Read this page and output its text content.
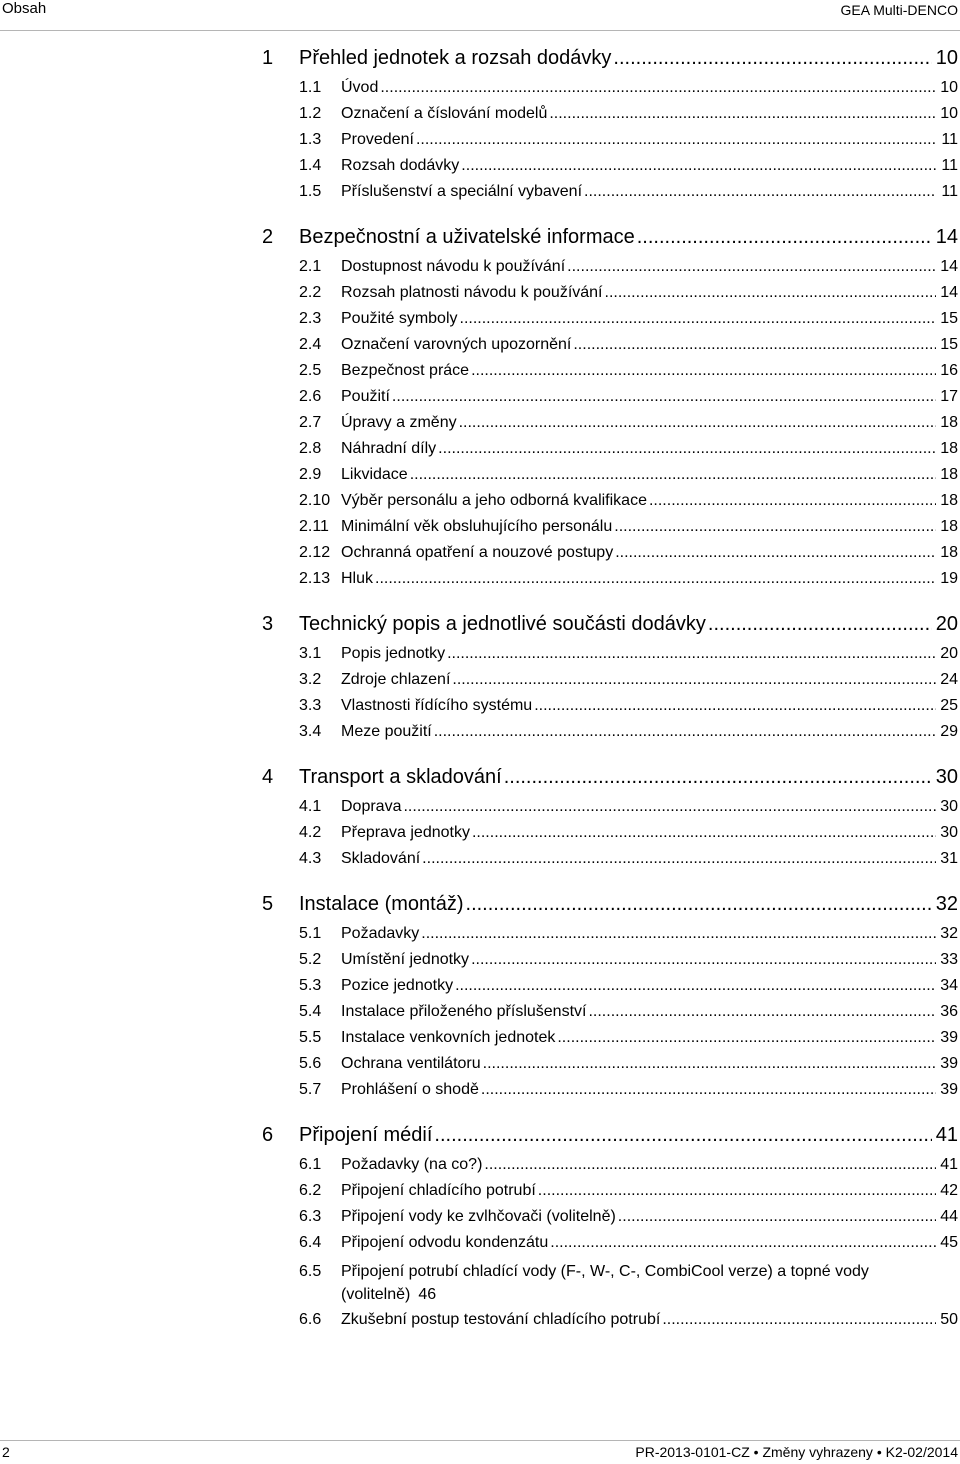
Obsah	GEA Multi-DENCO
1	Přehled jednotek a rozsah dodávky .....	10
1.1	Úvod .....	10
1.2	Označení a číslování modelů .....	10
1.3	Provedení .....	11
1.4	Rozsah dodávky .....	11
1.5	Příslušenství a speciální vybavení .....	11
2	Bezpečnostní a uživatelské informace .....	14
2.1	Dostupnost návodu k používání .....	14
2.2	Rozsah platnosti návodu k používání .....	14
2.3	Použité symboly .....	15
2.4	Označení varovných upozornění .....	15
2.5	Bezpečnost práce .....	16
2.6	Použití .....	17
2.7	Úpravy a změny .....	18
2.8	Náhradní díly .....	18
2.9	Likvidace .....	18
2.10 Výběr personálu a jeho odborná kvalifikace .....	18
2.11 Minimální věk obsluhujícího personálu .....	18
2.12 Ochranná opatření a nouzové postupy .....	18
2.13 Hluk .....	19
3	Technický popis a jednotlivé součásti dodávky .....	20
3.1	Popis jednotky .....	20
3.2	Zdroje chlazení .....	24
3.3	Vlastnosti řídícího systému .....	25
3.4	Meze použití .....	29
4	Transport a skladování .....	30
4.1	Doprava .....	30
4.2	Přeprava jednotky .....	30
4.3	Skladování .....	31
5	Instalace (montáž) .....	32
5.1	Požadavky .....	32
5.2	Umístění jednotky .....	33
5.3	Pozice jednotky .....	34
5.4	Instalace přiloženého příslušenství .....	36
5.5	Instalace venkovních jednotek .....	39
5.6	Ochrana ventilátoru .....	39
5.7	Prohlášení o shodě .....	39
6	Připojení médií .....	41
6.1	Požadavky (na co?) .....	41
6.2	Připojení chladícího potrubí .....	42
6.3	Připojení vody ke zvlhčovači (volitelně) .....	44
6.4	Připojení odvodu kondenzátu .....	45
6.5	Připojení potrubí chladící vody (F-, W-, C-, CombiCool verze) a topné vody (volitelně) 46
6.6	Zkušební postup testování chladícího potrubí .....	50
2	PR-2013-0101-CZ • Změny vyhrazeny • K2-02/2014
